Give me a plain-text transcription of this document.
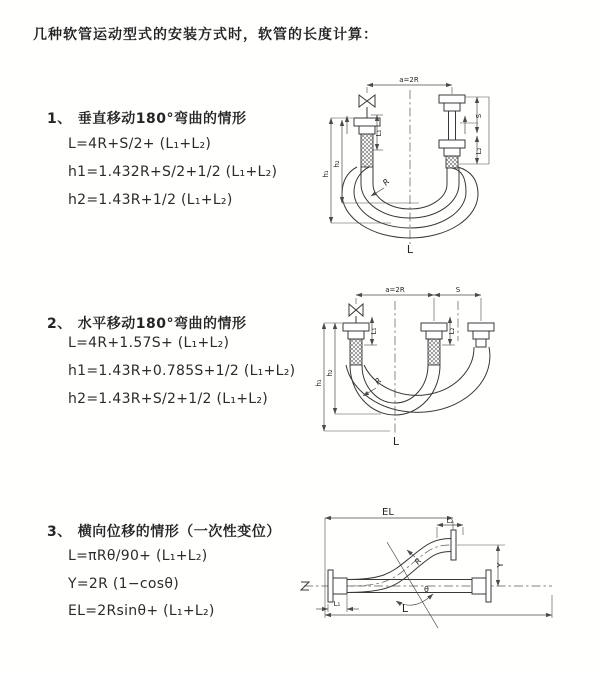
几种软管运动型式的安装方式时，软管的长度计算：
1、 垂直移动180°弯曲的情形
L=4R+S/2+ (L₁+L₂)
h1=1.432R+S/2+1/2 (L₁+L₂)
h2=1.43R+1/2 (L₁+L₂)
a=2R
h₁
h₂
L₁
S
L₂
R
L
2、 水平移动180°弯曲的情形
L=4R+1.57S+ (L₁+L₂)
h1=1.43R+0.785S+1/2 (L₁+L₂)
h2=1.43R+S/2+1/2 (L₁+L₂)
a=2R	S
h₁
h₂
L₁	L₂
R
L
3、 横向位移的情形（一次性变位）
L=πRθ/90+ (L₁+L₂)
Y=2R (1−cosθ)
EL=2Rsinθ+ (L₁+L₂)
EL
L₂
θ
R	Y
L
L₁
